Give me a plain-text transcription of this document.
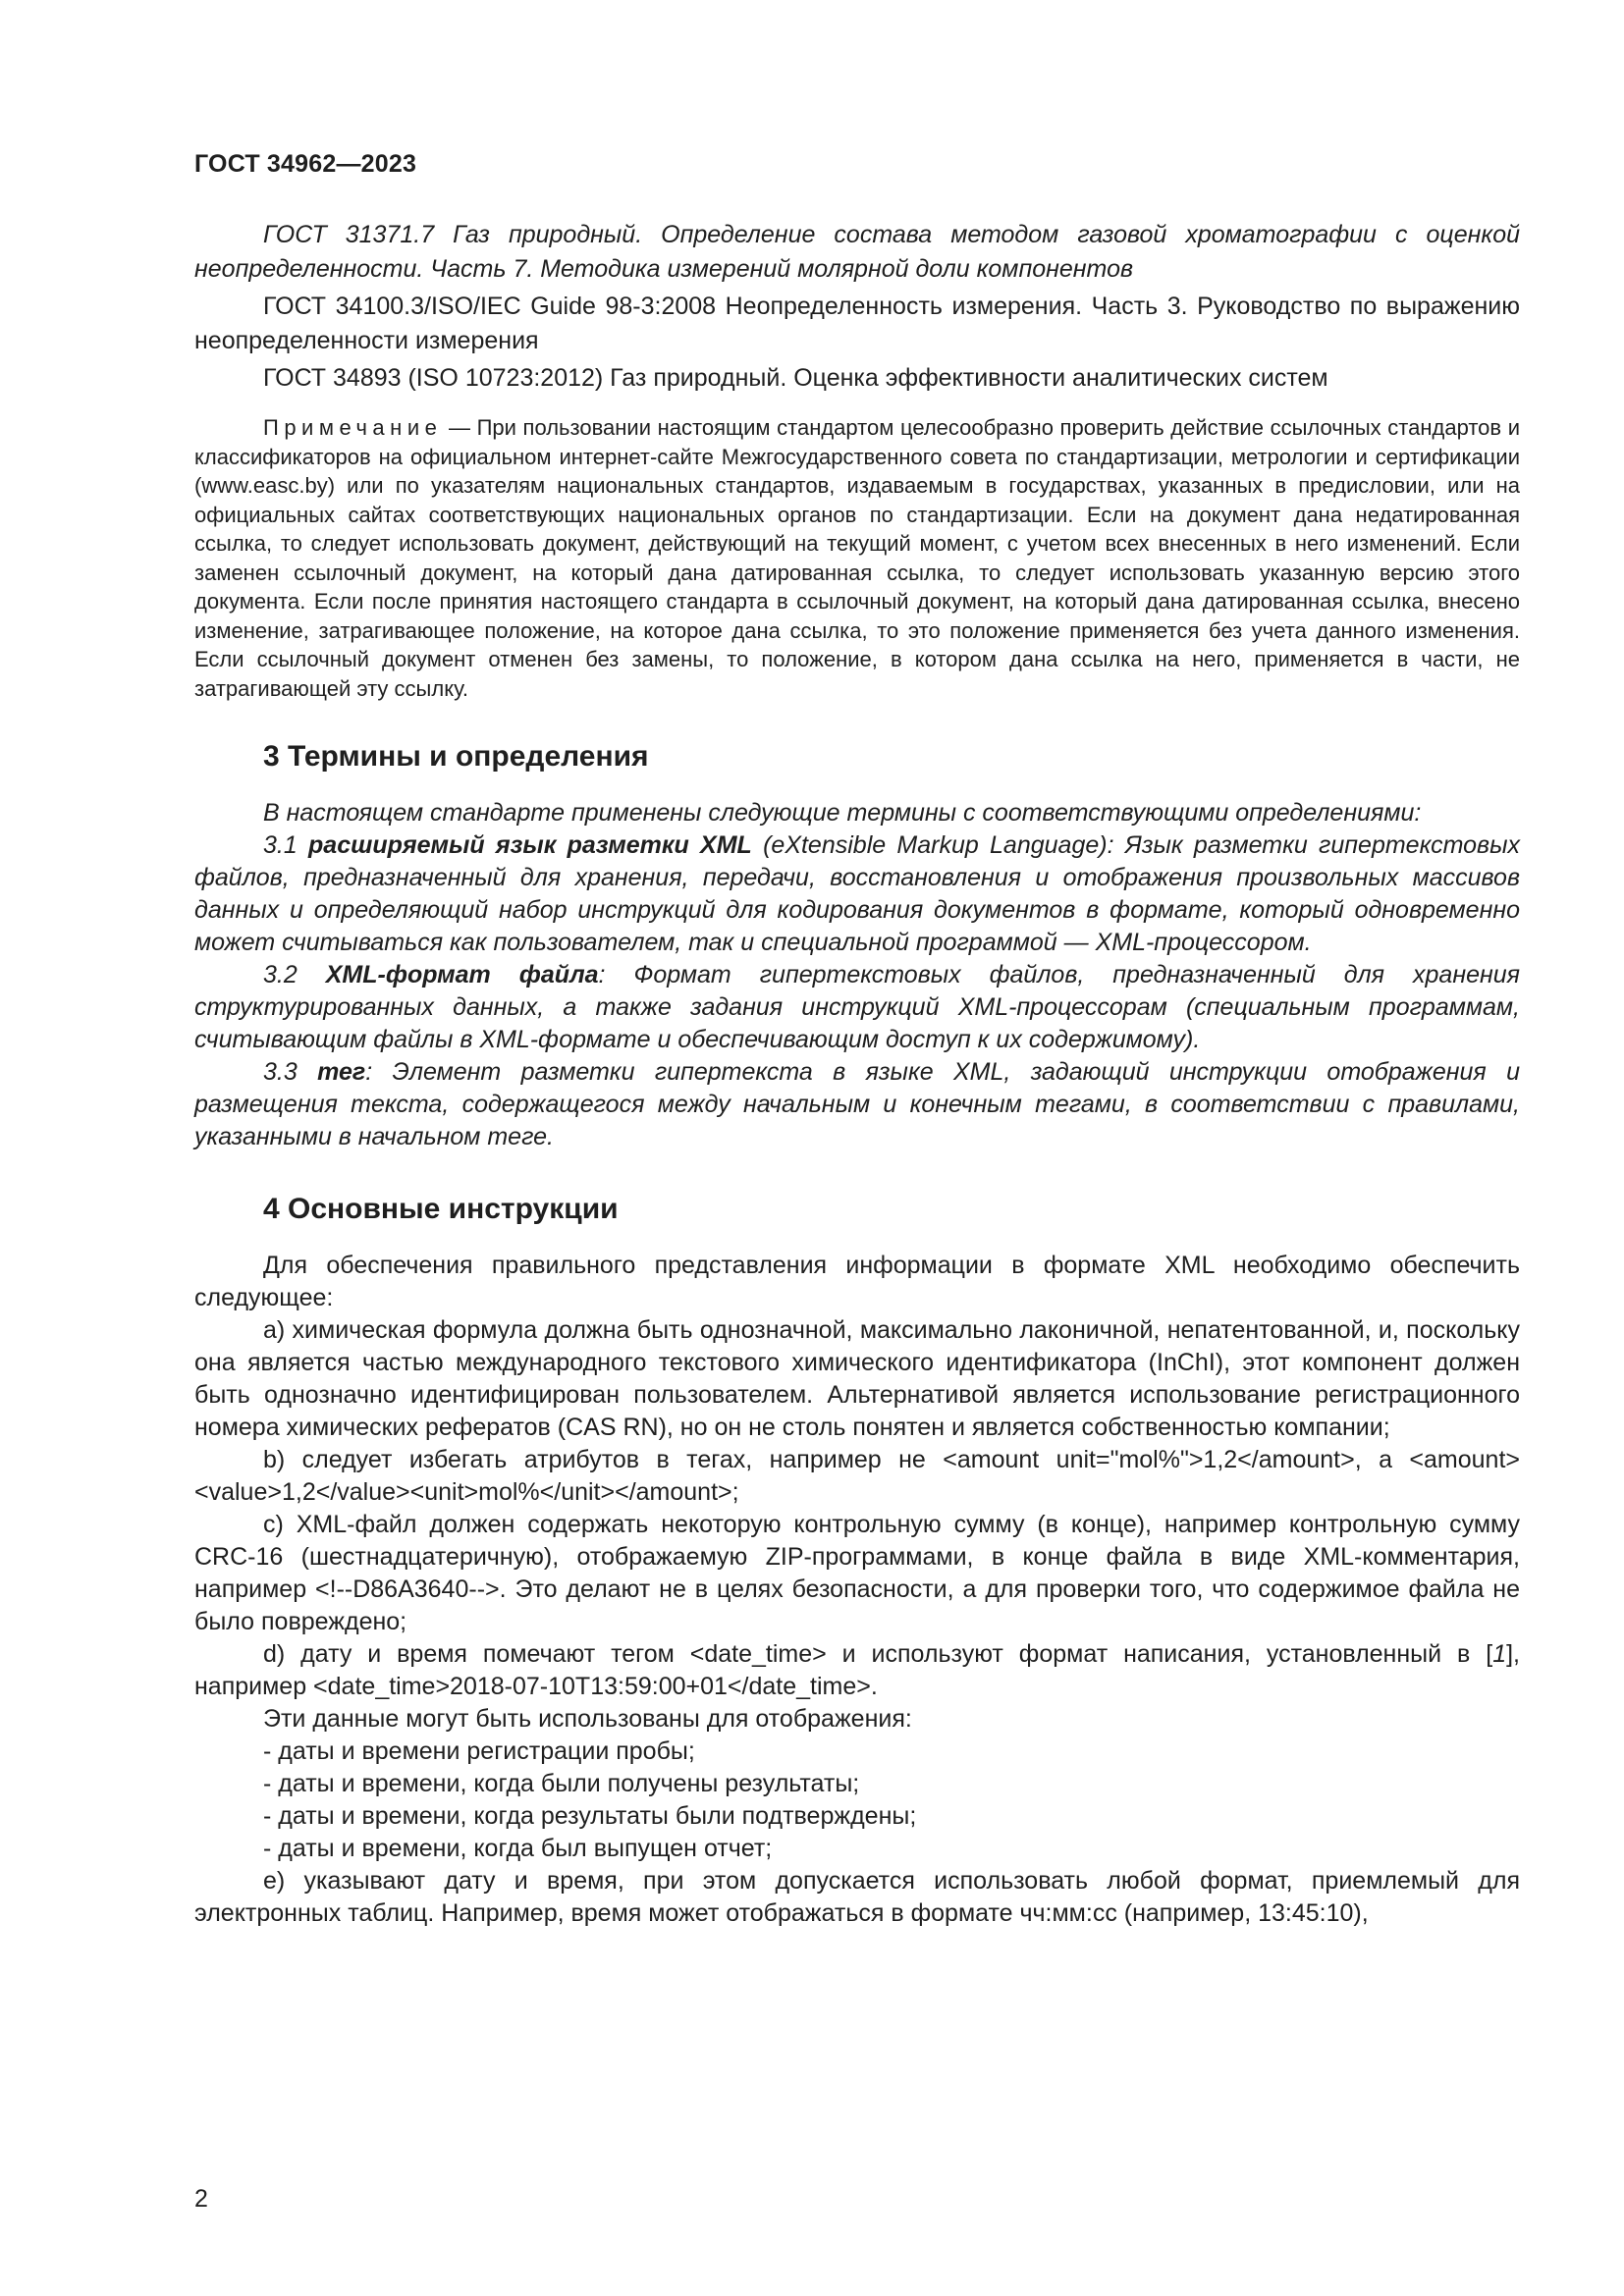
ГОСТ 34962—2023

ГОСТ 31371.7 Газ природный. Определение состава методом газовой хроматографии с оценкой неопределенности. Часть 7. Методика измерений молярной доли компонентов

ГОСТ 34100.3/ISO/IEC Guide 98-3:2008 Неопределенность измерения. Часть 3. Руководство по выражению неопределенности измерения

ГОСТ 34893 (ISO 10723:2012) Газ природный. Оценка эффективности аналитических систем

Примечание — При пользовании настоящим стандартом целесообразно проверить действие ссылочных стандартов и классификаторов на официальном интернет-сайте Межгосударственного совета по стандартизации, метрологии и сертификации (www.easc.by) или по указателям национальных стандартов, издаваемым в государствах, указанных в предисловии, или на официальных сайтах соответствующих национальных органов по стандартизации. Если на документ дана недатированная ссылка, то следует использовать документ, действующий на текущий момент, с учетом всех внесенных в него изменений. Если заменен ссылочный документ, на который дана датированная ссылка, то следует использовать указанную версию этого документа. Если после принятия настоящего стандарта в ссылочный документ, на который дана датированная ссылка, внесено изменение, затрагивающее положение, на которое дана ссылка, то это положение применяется без учета данного изменения. Если ссылочный документ отменен без замены, то положение, в котором дана ссылка на него, применяется в части, не затрагивающей эту ссылку.

3 Термины и определения

В настоящем стандарте применены следующие термины с соответствующими определениями:

3.1 расширяемый язык разметки XML (eXtensible Markup Language): Язык разметки гипертекстовых файлов, предназначенный для хранения, передачи, восстановления и отображения произвольных массивов данных и определяющий набор инструкций для кодирования документов в формате, который одновременно может считываться как пользователем, так и специальной программой — XML-процессором.

3.2 XML-формат файла: Формат гипертекстовых файлов, предназначенный для хранения структурированных данных, а также задания инструкций XML-процессорам (специальным программам, считывающим файлы в XML-формате и обеспечивающим доступ к их содержимому).

3.3 тег: Элемент разметки гипертекста в языке XML, задающий инструкции отображения и размещения текста, содержащегося между начальным и конечным тегами, в соответствии с правилами, указанными в начальном теге.

4 Основные инструкции

Для обеспечения правильного представления информации в формате XML необходимо обеспечить следующее:

а) химическая формула должна быть однозначной, максимально лаконичной, непатентованной, и, поскольку она является частью международного текстового химического идентификатора (InChI), этот компонент должен быть однозначно идентифицирован пользователем. Альтернативой является использование регистрационного номера химических рефератов (CAS RN), но он не столь понятен и является собственностью компании;

b) следует избегать атрибутов в тегах, например не <amount unit="mol%">1,2</amount>, а <amount><value>1,2</value><unit>mol%</unit></amount>;

c) XML-файл должен содержать некоторую контрольную сумму (в конце), например контрольную сумму CRC-16 (шестнадцатеричную), отображаемую ZIP-программами, в конце файла в виде XML-комментария, например <!--D86A3640-->. Это делают не в целях безопасности, а для проверки того, что содержимое файла не было повреждено;

d) дату и время помечают тегом <date_time> и используют формат написания, установленный в [1], например <date_time>2018-07-10T13:59:00+01</date_time>.

Эти данные могут быть использованы для отображения:

- даты и времени регистрации пробы;

- даты и времени, когда были получены результаты;

- даты и времени, когда результаты были подтверждены;

- даты и времени, когда был выпущен отчет;

e) указывают дату и время, при этом допускается использовать любой формат, приемлемый для электронных таблиц. Например, время может отображаться в формате чч:мм:сс (например, 13:45:10),

2
